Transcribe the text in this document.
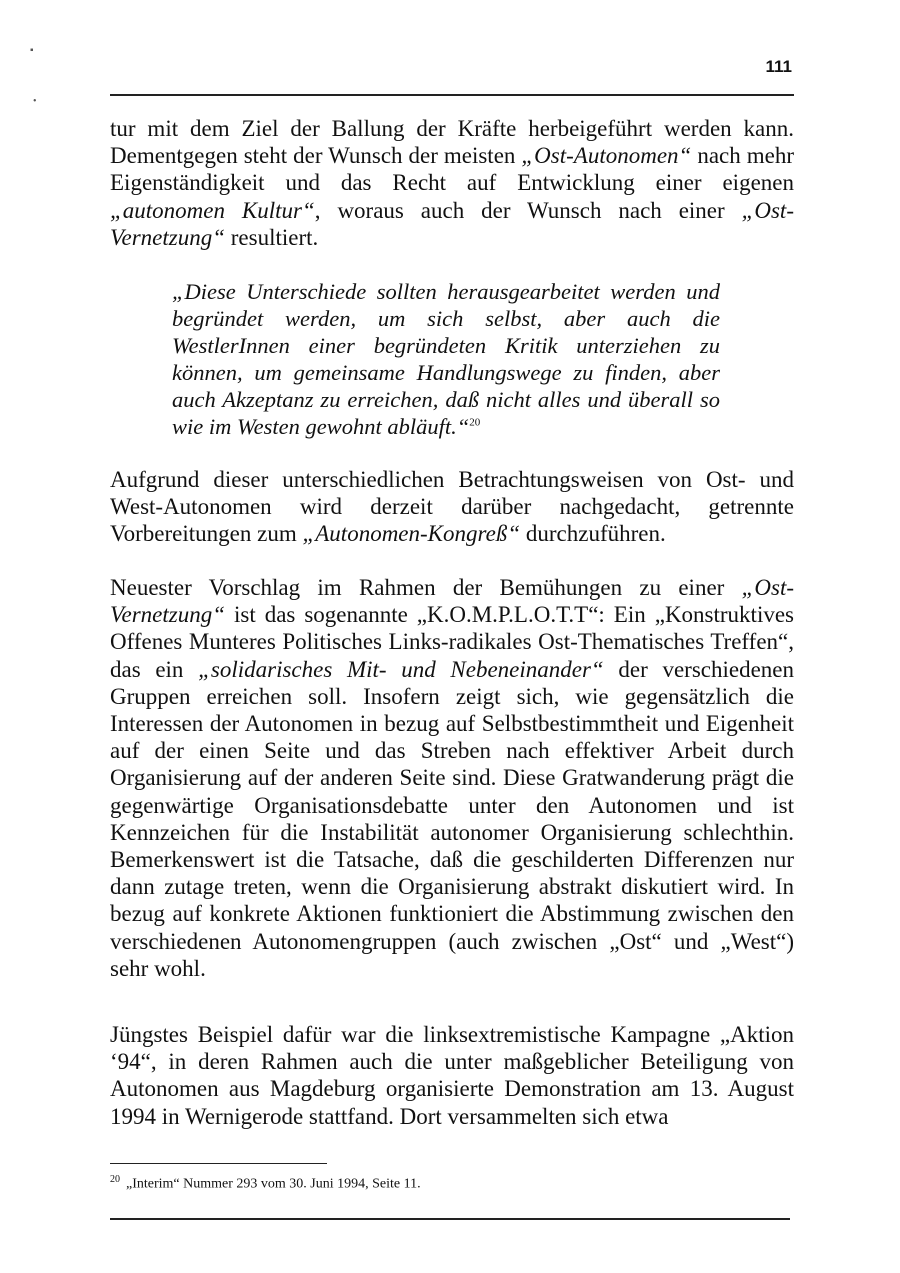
▪
•
111

tur mit dem Ziel der Ballung der Kräfte herbeigeführt werden kann. Dementgegen steht der Wunsch der meisten „Ost-Autonomen“ nach mehr Eigenständigkeit und das Recht auf Entwicklung einer eigenen „autonomen Kultur“, woraus auch der Wunsch nach einer „Ost-Vernetzung“ resultiert.

„Diese Unterschiede sollten herausgearbeitet werden und begründet werden, um sich selbst, aber auch die WestlerInnen einer begründeten Kritik unterziehen zu können, um gemeinsame Handlungswege zu finden, aber auch Akzeptanz zu erreichen, daß nicht alles und überall so wie im Westen gewohnt abläuft.“$^{20}$

Aufgrund dieser unterschiedlichen Betrachtungsweisen von Ost- und West-Autonomen wird derzeit darüber nachgedacht, getrennte Vorbereitungen zum „Autonomen-Kongreß“ durchzuführen.

Neuester Vorschlag im Rahmen der Bemühungen zu einer „Ost-Vernetzung“ ist das sogenannte „K.O.M.P.L.O.T.T“: Ein „Konstruktives Offenes Munteres Politisches Links-radikales Ost-Thematisches Treffen“, das ein „solidarisches Mit- und Nebeneinander“ der verschiedenen Gruppen erreichen soll. Insofern zeigt sich, wie gegensätzlich die Interessen der Autonomen in bezug auf Selbstbestimmtheit und Eigenheit auf der einen Seite und das Streben nach effektiver Arbeit durch Organisierung auf der anderen Seite sind. Diese Gratwanderung prägt die gegenwärtige Organisationsdebatte unter den Autonomen und ist Kennzeichen für die Instabilität autonomer Organisierung schlechthin. Bemerkenswert ist die Tatsache, daß die geschilderten Differenzen nur dann zutage treten, wenn die Organisierung abstrakt diskutiert wird. In bezug auf konkrete Aktionen funktioniert die Abstimmung zwischen den verschiedenen Autonomengruppen (auch zwischen „Ost“ und „West“) sehr wohl.

Jüngstes Beispiel dafür war die linksextremistische Kampagne „Aktion ‘94“, in deren Rahmen auch die unter maßgeblicher Beteiligung von Autonomen aus Magdeburg organisierte Demonstration am 13. August 1994 in Wernigerode stattfand. Dort versammelten sich etwa

$^{20}$ „Interim“ Nummer 293 vom 30. Juni 1994, Seite 11.
